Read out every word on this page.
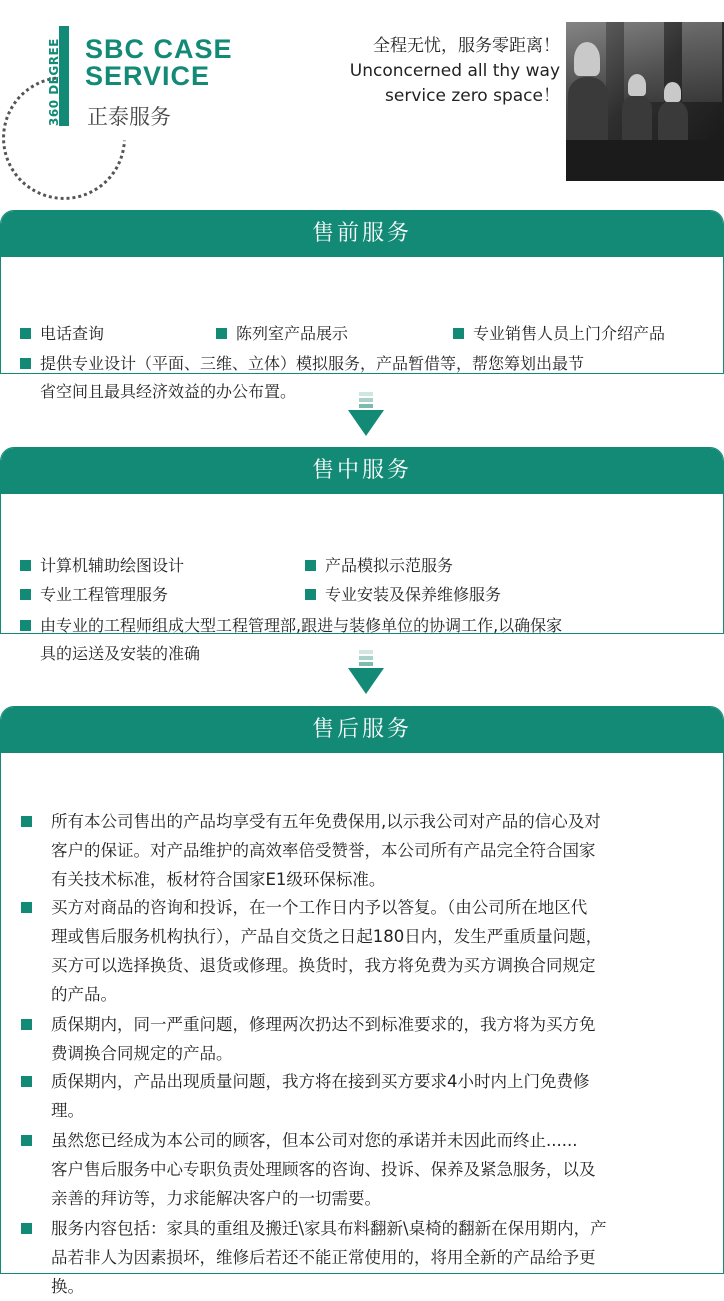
360 DEGREE SBC CASE
SERVICE
正泰服务
全程无忧，服务零距离！
Unconcerned all thy way
service zero space！
售前服务
电话查询	陈列室产品展示	专业销售人员上门介绍产品
提供专业设计（平面、三维、立体）模拟服务，产品暂借等，帮您筹划出最节
省空间且最具经济效益的办公布置。
售中服务
计算机辅助绘图设计	产品模拟示范服务
专业工程管理服务	专业安装及保养维修服务
由专业的工程师组成大型工程管理部,跟进与装修单位的协调工作,以确保家
具的运送及安装的准确
售后服务
所有本公司售出的产品均享受有五年免费保用,以示我公司对产品的信心及对
客户的保证。对产品维护的高效率倍受赞誉，本公司所有产品完全符合国家
有关技术标准，板材符合国家E1级环保标准。
买方对商品的咨询和投诉，在一个工作日内予以答复。（由公司所在地区代
理或售后服务机构执行），产品自交货之日起180日内，发生严重质量问题，
买方可以选择换货、退货或修理。换货时，我方将免费为买方调换合同规定
的产品。
质保期内，同一严重问题，修理两次扔达不到标准要求的，我方将为买方免
费调换合同规定的产品。
质保期内，产品出现质量问题，我方将在接到买方要求4小时内上门免费修
理。
虽然您已经成为本公司的顾客，但本公司对您的承诺并未因此而终止......
客户售后服务中心专职负责处理顾客的咨询、投诉、保养及紧急服务，以及
亲善的拜访等，力求能解决客户的一切需要。
服务内容包括：家具的重组及搬迁\家具布料翻新\桌椅的翻新在保用期内，产
品若非人为因素损坏，维修后若还不能正常使用的，将用全新的产品给予更
换。
